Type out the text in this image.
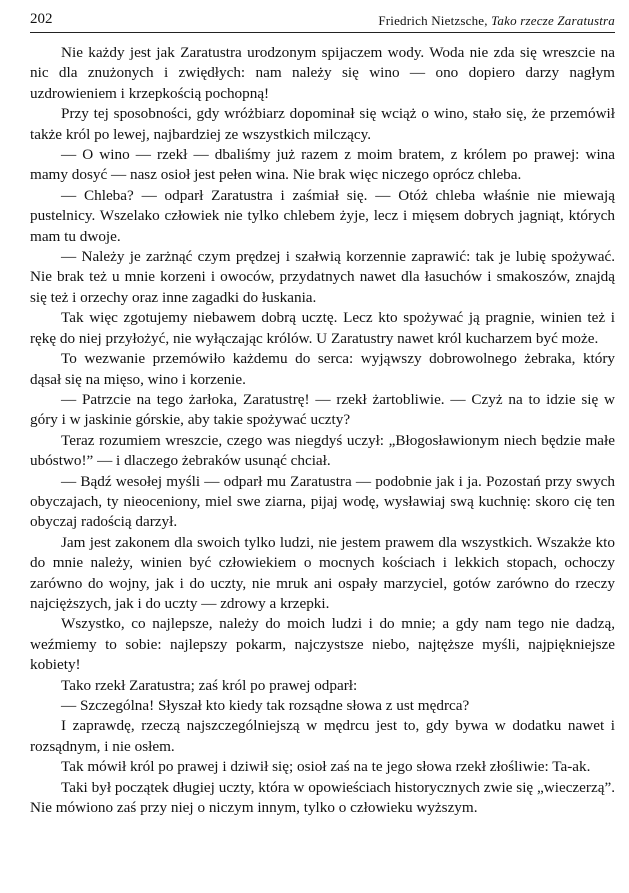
202	Friedrich Nietzsche, Tako rzecze Zaratustra

Nie każdy jest jak Zaratustra urodzonym spijaczem wody. Woda nie zda się wreszcie na nic dla znużonych i zwiędłych: nam należy się wino — ono dopiero darzy nagłym uzdrowieniem i krzepkością pochopną!

Przy tej sposobności, gdy wróżbiarz dopominał się wciąż o wino, stało się, że przemówił także król po lewej, najbardziej ze wszystkich milczący.

— O wino — rzekł — dbaliśmy już razem z moim bratem, z królem po prawej: wina mamy dosyć — nasz osioł jest pełen wina. Nie brak więc niczego oprócz chleba.

— Chleba? — odparł Zaratustra i zaśmiał się. — Otóż chleba właśnie nie miewają pustelnicy. Wszelako człowiek nie tylko chlebem żyje, lecz i mięsem dobrych jagniąt, których mam tu dwoje.

— Należy je zarżnąć czym prędzej i szałwią korzennie zaprawić: tak je lubię spożywać. Nie brak też u mnie korzeni i owoców, przydatnych nawet dla łasuchów i smakoszów, znajdą się też i orzechy oraz inne zagadki do łuskania.

Tak więc zgotujemy niebawem dobrą ucztę. Lecz kto spożywać ją pragnie, winien też i rękę do niej przyłożyć, nie wyłączając królów. U Zaratustry nawet król kucharzem być może.

To wezwanie przemówiło każdemu do serca: wyjąwszy dobrowolnego żebraka, który dąsał się na mięso, wino i korzenie.

— Patrzcie na tego żarłoka, Zaratustrę! — rzekł żartobliwie. — Czyż na to idzie się w góry i w jaskinie górskie, aby takie spożywać uczty?

Teraz rozumiem wreszcie, czego was niegdyś uczył: „Błogosławionym niech będzie małe ubóstwo!” — i dlaczego żebraków usunąć chciał.

— Bądź wesołej myśli — odparł mu Zaratustra — podobnie jak i ja. Pozostań przy swych obyczajach, ty nieoceniony, miel swe ziarna, pijaj wodę, wysławiaj swą kuchnię: skoro cię ten obyczaj radością darzył.

Jam jest zakonem dla swoich tylko ludzi, nie jestem prawem dla wszystkich. Wszakże kto do mnie należy, winien być człowiekiem o mocnych kościach i lekkich stopach, ochoczy zarówno do wojny, jak i do uczty, nie mruk ani ospały marzyciel, gotów zarówno do rzeczy najcięższych, jak i do uczty — zdrowy a krzepki.

Wszystko, co najlepsze, należy do moich ludzi i do mnie; a gdy nam tego nie dadzą, weźmiemy to sobie: najlepszy pokarm, najczystsze niebo, najtęższe myśli, najpiękniejsze kobiety!

Tako rzekł Zaratustra; zaś król po prawej odparł:

— Szczególna! Słyszał kto kiedy tak rozsądne słowa z ust mędrca?

I zaprawdę, rzeczą najszczególniejszą w mędrcu jest to, gdy bywa w dodatku nawet i rozsądnym, i nie osłem.

Tak mówił król po prawej i dziwił się; osioł zaś na te jego słowa rzekł złośliwie: Ta-ak.

Taki był początek długiej uczty, która w opowieściach historycznych zwie się „wieczerzą”. Nie mówiono zaś przy niej o niczym innym, tylko o człowieku wyższym.
